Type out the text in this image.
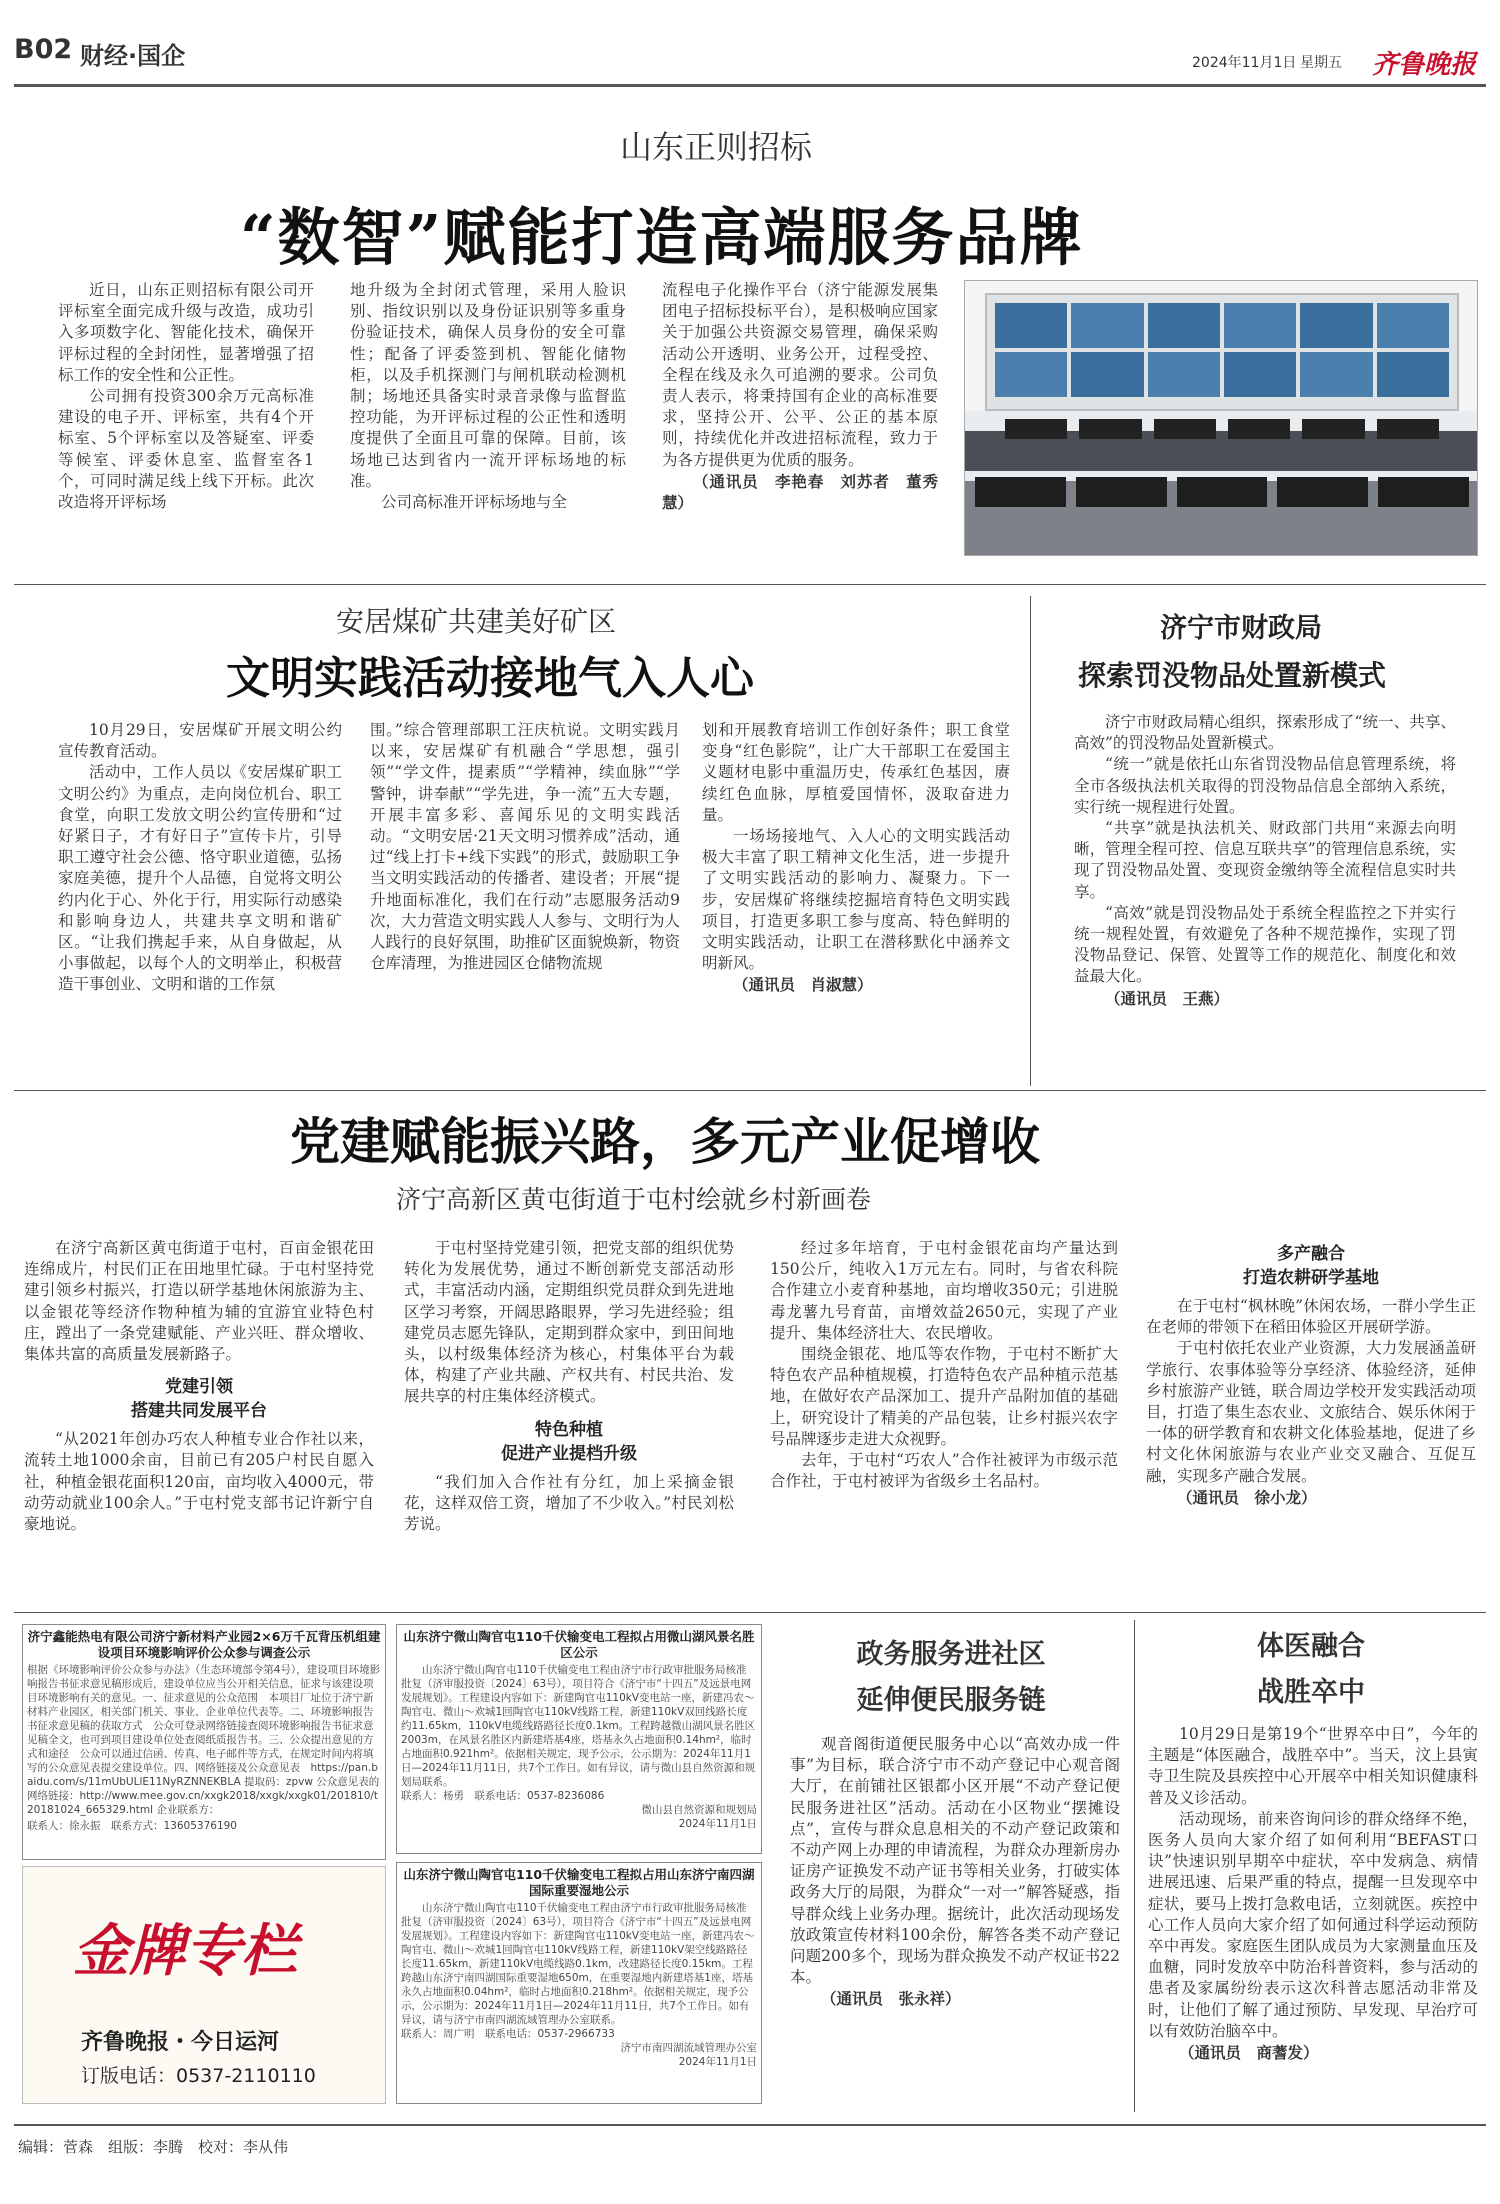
B02 财经·国企	2024年11月1日 星期五 齐鲁晚报
山东正则招标
“数智”赋能打造高端服务品牌

近日，山东正则招标有限公司开评标室全面完成升级与改造，成功引入多项数字化、智能化技术，确保开评标过程的全封闭性，显著增强了招标工作的安全性和公正性。

公司拥有投资300余万元高标准建设的电子开、评标室，共有4个开标室、5个评标室以及答疑室、评委等候室、评委休息室、监督室各1个，可同时满足线上线下开标。此次改造将开评标场

地升级为全封闭式管理，采用人脸识别、指纹识别以及身份证识别等多重身份验证技术，确保人员身份的安全可靠性；配备了评委签到机、智能化储物柜，以及手机探测门与闸机联动检测机制；场地还具备实时录音录像与监督监控功能，为开评标过程的公正性和透明度提供了全面且可靠的保障。目前，该场地已达到省内一流开评标场地的标准。

公司高标准开评标场地与全

流程电子化操作平台（济宁能源发展集团电子招标投标平台），是积极响应国家关于加强公共资源交易管理，确保采购活动公开透明、业务公开，过程受控、全程在线及永久可追溯的要求。公司负责人表示，将秉持国有企业的高标准要求，坚持公开、公平、公正的基本原则，持续优化并改进招标流程，致力于为各方提供更为优质的服务。

（通讯员　李艳春　刘苏者　董秀慧）

安居煤矿共建美好矿区
文明实践活动接地气入人心

10月29日，安居煤矿开展文明公约宣传教育活动。

活动中，工作人员以《安居煤矿职工文明公约》为重点，走向岗位机台、职工食堂，向职工发放文明公约宣传册和“过好紧日子，才有好日子”宣传卡片，引导职工遵守社会公德、恪守职业道德，弘扬家庭美德，提升个人品德，自觉将文明公约内化于心、外化于行，用实际行动感染和影响身边人，共建共享文明和谐矿区。“让我们携起手来，从自身做起，从小事做起，以每个人的文明举止，积极营造干事创业、文明和谐的工作氛

围。”综合管理部职工汪庆杭说。文明实践月以来，安居煤矿有机融合“学思想，强引领”“学文件，提素质”“学精神，续血脉”“学警钟，讲奉献”“学先进，争一流”五大专题，开展丰富多彩、喜闻乐见的文明实践活动。“文明安居·21天文明习惯养成”活动，通过“线上打卡+线下实践”的形式，鼓励职工争当文明实践活动的传播者、建设者；开展“提升地面标准化，我们在行动”志愿服务活动9次，大力营造文明实践人人参与、文明行为人人践行的良好氛围，助推矿区面貌焕新，物资仓库清理，为推进园区仓储物流规

划和开展教育培训工作创好条件；职工食堂变身“红色影院”，让广大干部职工在爱国主义题材电影中重温历史，传承红色基因，赓续红色血脉，厚植爱国情怀，汲取奋进力量。

一场场接地气、入人心的文明实践活动极大丰富了职工精神文化生活，进一步提升了文明实践活动的影响力、凝聚力。下一步，安居煤矿将继续挖掘培育特色文明实践项目，打造更多职工参与度高、特色鲜明的文明实践活动，让职工在潜移默化中涵养文明新风。

（通讯员　肖淑慧）

济宁市财政局
探索罚没物品处置新模式

济宁市财政局精心组织，探索形成了“统一、共享、高效”的罚没物品处置新模式。

“统一”就是依托山东省罚没物品信息管理系统，将全市各级执法机关取得的罚没物品信息全部纳入系统，实行统一规程进行处置。

“共享”就是执法机关、财政部门共用“来源去向明晰，管理全程可控、信息互联共享”的管理信息系统，实现了罚没物品处置、变现资金缴纳等全流程信息实时共享。

“高效”就是罚没物品处于系统全程监控之下并实行统一规程处置，有效避免了各种不规范操作，实现了罚没物品登记、保管、处置等工作的规范化、制度化和效益最大化。

（通讯员　王燕）

党建赋能振兴路，多元产业促增收
济宁高新区黄屯街道于屯村绘就乡村新画卷

在济宁高新区黄屯街道于屯村，百亩金银花田连绵成片，村民们正在田地里忙碌。于屯村坚持党建引领乡村振兴，打造以研学基地休闲旅游为主、以金银花等经济作物种植为辅的宜游宜业特色村庄，蹚出了一条党建赋能、产业兴旺、群众增收、集体共富的高质量发展新路子。

党建引领
搭建共同发展平台

“从2021年创办巧农人种植专业合作社以来，流转土地1000余亩，目前已有205户村民自愿入社，种植金银花面积120亩，亩均收入4000元，带动劳动就业100余人。”于屯村党支部书记许新宁自豪地说。

于屯村坚持党建引领，把党支部的组织优势转化为发展优势，通过不断创新党支部活动形式，丰富活动内涵，定期组织党员群众到先进地区学习考察，开阔思路眼界，学习先进经验；组建党员志愿先锋队，定期到群众家中，到田间地头，以村级集体经济为核心，村集体平台为载体，构建了产业共融、产权共有、村民共治、发展共享的村庄集体经济模式。

特色种植
促进产业提档升级

“我们加入合作社有分红，加上采摘金银花，这样双倍工资，增加了不少收入。”村民刘松芳说。

经过多年培育，于屯村金银花亩均产量达到150公斤，纯收入1万元左右。同时，与省农科院合作建立小麦育种基地，亩均增收350元；引进脱毒龙薯九号育苗，亩增效益2650元，实现了产业提升、集体经济壮大、农民增收。

围绕金银花、地瓜等农作物，于屯村不断扩大特色农产品种植规模，打造特色农产品种植示范基地，在做好农产品深加工、提升产品附加值的基础上，研究设计了精美的产品包装，让乡村振兴农字号品牌逐步走进大众视野。

去年，于屯村“巧农人”合作社被评为市级示范合作社，于屯村被评为省级乡土名品村。

多产融合
打造农耕研学基地

在于屯村“枫林晚”休闲农场，一群小学生正在老师的带领下在稻田体验区开展研学游。

于屯村依托农业产业资源，大力发展涵盖研学旅行、农事体验等分享经济、体验经济，延伸乡村旅游产业链，联合周边学校开发实践活动项目，打造了集生态农业、文旅结合、娱乐休闲于一体的研学教育和农耕文化体验基地，促进了乡村文化休闲旅游与农业产业交叉融合、互促互融，实现多产融合发展。

（通讯员　徐小龙）

济宁鑫能热电有限公司济宁新材料产业园2×6万千瓦背压机组建设项目环境影响评价公众参与调查公示
根据《环境影响评价公众参与办法》（生态环境部令第4号），建设项目环境影响报告书征求意见稿形成后，建设单位应当公开相关信息，征求与该建设项目环境影响有关的意见。一、征求意见的公众范围　本项目厂址位于济宁新材料产业园区，相关部门机关、事业、企业单位代表等。二、环境影响报告书征求意见稿的获取方式　公众可登录网络链接查阅环境影响报告书征求意见稿全文，也可到项目建设单位处查阅纸质报告书。三、公众提出意见的方式和途径　公众可以通过信函、传真、电子邮件等方式，在规定时间内将填写的公众意见表提交建设单位。四、网络链接及公众意见表　https://pan.baidu.com/s/11mUbULlE11NyRZNNEKBLA 提取码：zpvw 公众意见表的网络链接：http://www.mee.gov.cn/xxgk2018/xxgk/xxgk01/201810/t20181024_665329.html 企业联系方：
联系人：徐永振　联系方式：13605376190
山东济宁微山陶官屯110千伏输变电工程拟占用微山湖风景名胜区公示
山东济宁微山陶官屯110千伏输变电工程由济宁市行政审批服务局核准批复（济审服投资〔2024〕63号），项目符合《济宁市“十四五”及远景电网发展规划》。工程建设内容如下：新建陶官屯110kV变电站一座，新建冯农～陶官屯、微山～欢城1回陶官屯110kV线路工程，新建110kV双回线路长度约11.65km，110kV电缆线路路径长度0.1km。工程跨越微山湖风景名胜区2003m，在风景名胜区内新建塔基4座，塔基永久占地面积0.14hm²，临时占地面积0.921hm²。依据相关规定，现予公示，公示期为：2024年11月1日—2024年11月11日，共7个工作日。如有异议，请与微山县自然资源和规划局联系。
联系人：杨勇　联系电话：0537-8236086
微山县自然资源和规划局
2024年11月1日
山东济宁微山陶官屯110千伏输变电工程拟占用山东济宁南四湖国际重要湿地公示
山东济宁微山陶官屯110千伏输变电工程由济宁市行政审批服务局核准批复（济审服投资〔2024〕63号），项目符合《济宁市“十四五”及远景电网发展规划》。工程建设内容如下：新建陶官屯110kV变电站一座，新建冯农～陶官屯、微山～欢城1回陶官屯110kV线路工程，新建110kV架空线路路径长度11.65km，新建110kV电缆线路0.1km，改建路径长度0.15km。工程跨越山东济宁南四湖国际重要湿地650m，在重要湿地内新建塔基1座，塔基永久占地面积0.04hm²，临时占地面积0.218hm²。依据相关规定，现予公示，公示期为：2024年11月1日—2024年11月11日，共7个工作日。如有异议，请与济宁市南四湖流域管理办公室联系。
联系人：周广明　联系电话：0537-2966733
济宁市南四湖流域管理办公室
2024年11月1日
金牌专栏
齐鲁晚报・今日运河
订版电话：0537-2110110
政务服务进社区
延伸便民服务链

观音阁街道便民服务中心以“高效办成一件事”为目标，联合济宁市不动产登记中心观音阁大厅，在前铺社区银都小区开展“不动产登记便民服务进社区”活动。活动在小区物业“摆摊设点”，宣传与群众息息相关的不动产登记政策和不动产网上办理的申请流程，为群众办理新房办证房产证换发不动产证书等相关业务，打破实体政务大厅的局限，为群众“一对一”解答疑惑，指导群众线上业务办理。据统计，此次活动现场发放政策宣传材料100余份，解答各类不动产登记问题200多个，现场为群众换发不动产权证书22本。

（通讯员　张永祥）

体医融合
战胜卒中

10月29日是第19个“世界卒中日”，今年的主题是“体医融合，战胜卒中”。当天，汶上县寅寺卫生院及县疾控中心开展卒中相关知识健康科普及义诊活动。

活动现场，前来咨询问诊的群众络绎不绝，医务人员向大家介绍了如何利用“BEFAST口诀”快速识别早期卒中症状，卒中发病急、病情进展迅速、后果严重的特点，提醒一旦发现卒中症状，要马上拨打急救电话，立刻就医。疾控中心工作人员向大家介绍了如何通过科学运动预防卒中再发。家庭医生团队成员为大家测量血压及血糖，同时发放卒中防治科普资料，参与活动的患者及家属纷纷表示这次科普志愿活动非常及时，让他们了解了通过预防、早发现、早治疗可以有效防治脑卒中。

（通讯员　商蓍发）

编辑：菅森　组版：李腾　校对：李从伟
